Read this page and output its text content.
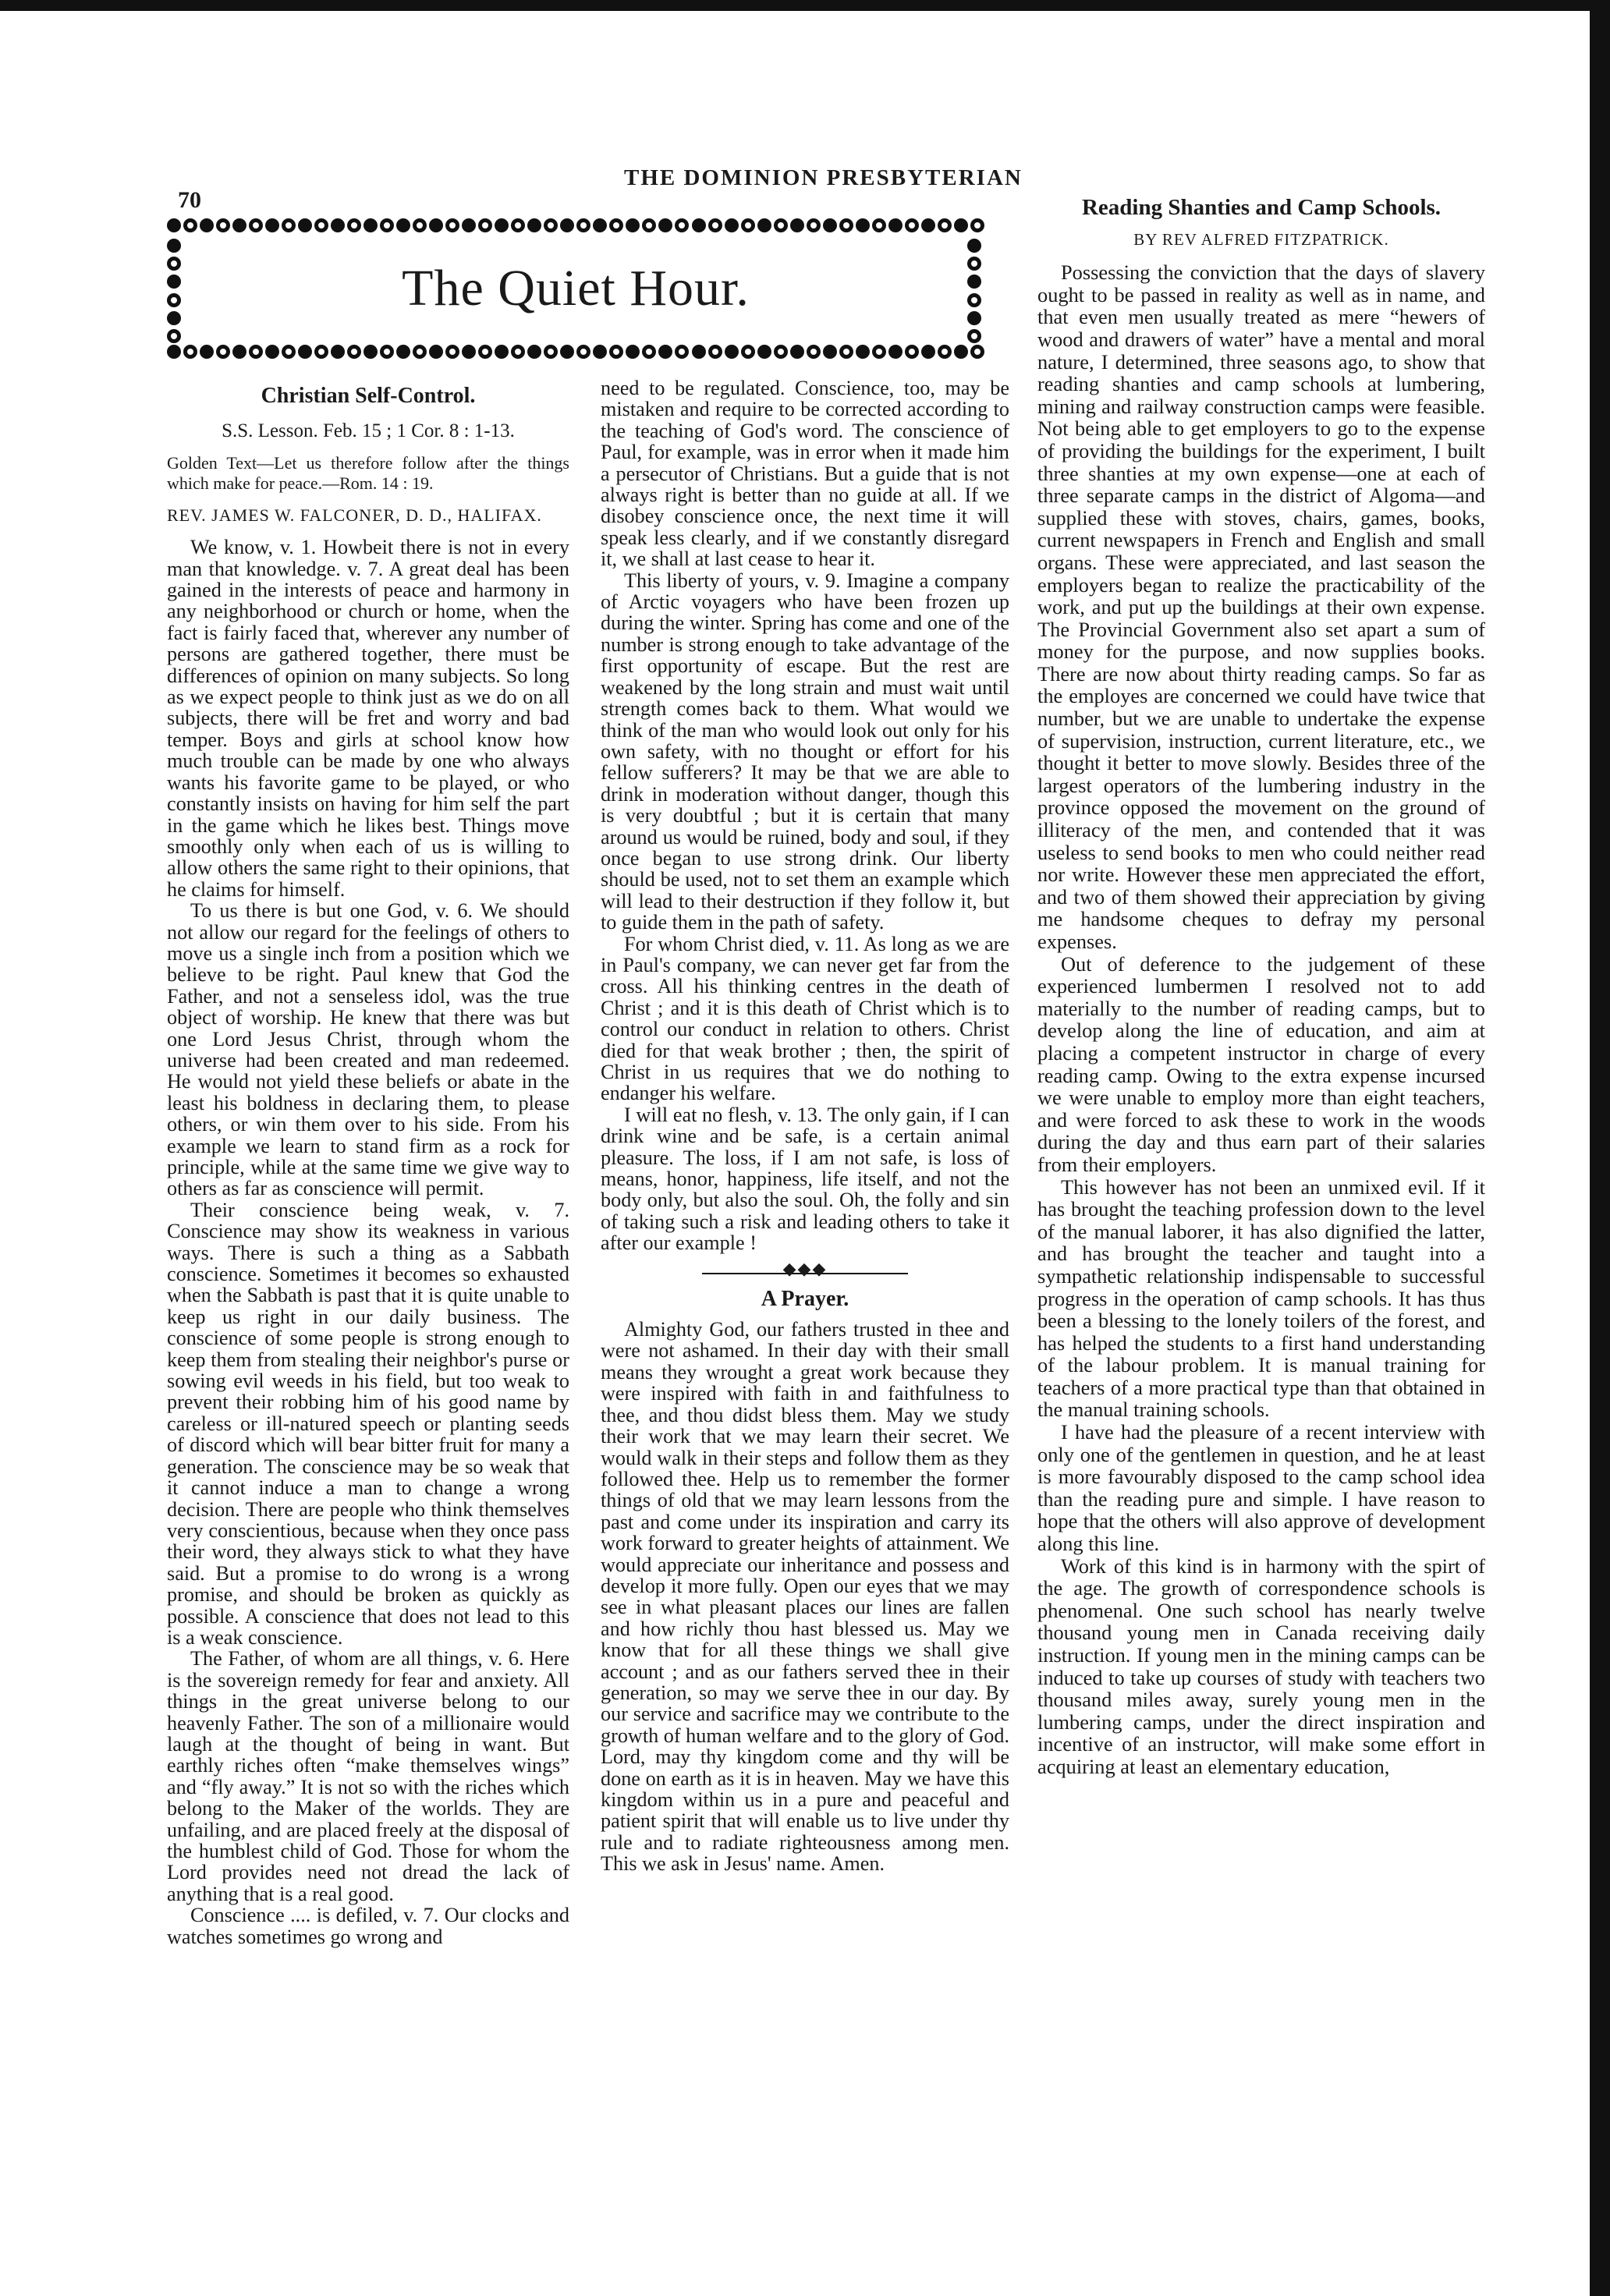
70
THE DOMINION PRESBYTERIAN
The Quiet Hour.
Christian Self-Control.
S.S. Lesson. Feb. 15 ; 1 Cor. 8 : 1-13.
Golden Text—Let us therefore follow after the things which make for peace.—Rom. 14 : 19.
REV. JAMES W. FALCONER, D. D., HALIFAX.

We know, v. 1. Howbeit there is not in every man that knowledge. v. 7. A great deal has been gained in the interests of peace and harmony in any neighborhood or church or home, when the fact is fairly faced that, wherever any number of persons are gathered together, there must be differences of opinion on many subjects. So long as we expect people to think just as we do on all subjects, there will be fret and worry and bad temper. Boys and girls at school know how much trouble can be made by one who always wants his favorite game to be played, or who constantly insists on having for him self the part in the game which he likes best. Things move smoothly only when each of us is willing to allow others the same right to their opinions, that he claims for himself.

To us there is but one God, v. 6. We should not allow our regard for the feelings of others to move us a single inch from a position which we believe to be right. Paul knew that God the Father, and not a senseless idol, was the true object of worship. He knew that there was but one Lord Jesus Christ, through whom the universe had been created and man redeemed. He would not yield these beliefs or abate in the least his boldness in declaring them, to please others, or win them over to his side. From his example we learn to stand firm as a rock for principle, while at the same time we give way to others as far as conscience will permit.

Their conscience being weak, v. 7. Conscience may show its weakness in various ways. There is such a thing as a Sabbath conscience. Sometimes it becomes so exhausted when the Sabbath is past that it is quite unable to keep us right in our daily business. The conscience of some people is strong enough to keep them from stealing their neighbor's purse or sowing evil weeds in his field, but too weak to prevent their robbing him of his good name by careless or ill-natured speech or planting seeds of discord which will bear bitter fruit for many a generation. The conscience may be so weak that it cannot induce a man to change a wrong decision. There are people who think themselves very conscientious, because when they once pass their word, they always stick to what they have said. But a promise to do wrong is a wrong promise, and should be broken as quickly as possible. A conscience that does not lead to this is a weak conscience.

The Father, of whom are all things, v. 6. Here is the sovereign remedy for fear and anxiety. All things in the great universe belong to our heavenly Father. The son of a millionaire would laugh at the thought of being in want. But earthly riches often “make themselves wings” and “fly away.” It is not so with the riches which belong to the Maker of the worlds. They are unfailing, and are placed freely at the disposal of the humblest child of God. Those for whom the Lord provides need not dread the lack of anything that is a real good.

Conscience .... is defiled, v. 7. Our clocks and watches sometimes go wrong and

need to be regulated. Conscience, too, may be mistaken and require to be corrected according to the teaching of God's word. The conscience of Paul, for example, was in error when it made him a persecutor of Christians. But a guide that is not always right is better than no guide at all. If we disobey conscience once, the next time it will speak less clearly, and if we constantly disregard it, we shall at last cease to hear it.

This liberty of yours, v. 9. Imagine a company of Arctic voyagers who have been frozen up during the winter. Spring has come and one of the number is strong enough to take advantage of the first opportunity of escape. But the rest are weakened by the long strain and must wait until strength comes back to them. What would we think of the man who would look out only for his own safety, with no thought or effort for his fellow sufferers? It may be that we are able to drink in moderation without danger, though this is very doubtful ; but it is certain that many around us would be ruined, body and soul, if they once began to use strong drink. Our liberty should be used, not to set them an example which will lead to their destruction if they follow it, but to guide them in the path of safety.

For whom Christ died, v. 11. As long as we are in Paul's company, we can never get far from the cross. All his thinking centres in the death of Christ ; and it is this death of Christ which is to control our conduct in relation to others. Christ died for that weak brother ; then, the spirit of Christ in us requires that we do nothing to endanger his welfare.

I will eat no flesh, v. 13. The only gain, if I can drink wine and be safe, is a certain animal pleasure. The loss, if I am not safe, is loss of means, honor, happiness, life itself, and not the body only, but also the soul. Oh, the folly and sin of taking such a risk and leading others to take it after our example !

◆◆◆
A Prayer.

Almighty God, our fathers trusted in thee and were not ashamed. In their day with their small means they wrought a great work because they were inspired with faith in and faithfulness to thee, and thou didst bless them. May we study their work that we may learn their secret. We would walk in their steps and follow them as they followed thee. Help us to remember the former things of old that we may learn lessons from the past and come under its inspiration and carry its work forward to greater heights of attainment. We would appreciate our inheritance and possess and develop it more fully. Open our eyes that we may see in what pleasant places our lines are fallen and how richly thou hast blessed us. May we know that for all these things we shall give account ; and as our fathers served thee in their generation, so may we serve thee in our day. By our service and sacrifice may we contribute to the growth of human welfare and to the glory of God. Lord, may thy kingdom come and thy will be done on earth as it is in heaven. May we have this kingdom within us in a pure and peaceful and patient spirit that will enable us to live under thy rule and to radiate righteousness among men. This we ask in Jesus' name. Amen.

Reading Shanties and Camp Schools.
BY REV ALFRED FITZPATRICK.

Possessing the conviction that the days of slavery ought to be passed in reality as well as in name, and that even men usually treated as mere “hewers of wood and drawers of water” have a mental and moral nature, I determined, three seasons ago, to show that reading shanties and camp schools at lumbering, mining and railway construction camps were feasible. Not being able to get employers to go to the expense of providing the buildings for the experiment, I built three shanties at my own expense—one at each of three separate camps in the district of Algoma—and supplied these with stoves, chairs, games, books, current newspapers in French and English and small organs. These were appreciated, and last season the employers began to realize the practicability of the work, and put up the buildings at their own expense. The Provincial Government also set apart a sum of money for the purpose, and now supplies books. There are now about thirty reading camps. So far as the employes are concerned we could have twice that number, but we are unable to undertake the expense of supervision, instruction, current literature, etc., we thought it better to move slowly. Besides three of the largest operators of the lumbering industry in the province opposed the movement on the ground of illiteracy of the men, and contended that it was useless to send books to men who could neither read nor write. However these men appreciated the effort, and two of them showed their appreciation by giving me handsome cheques to defray my personal expenses.

Out of deference to the judgement of these experienced lumbermen I resolved not to add materially to the number of reading camps, but to develop along the line of education, and aim at placing a competent instructor in charge of every reading camp. Owing to the extra expense incursed we were unable to employ more than eight teachers, and were forced to ask these to work in the woods during the day and thus earn part of their salaries from their employers.

This however has not been an unmixed evil. If it has brought the teaching profession down to the level of the manual laborer, it has also dignified the latter, and has brought the teacher and taught into a sympathetic relationship indispensable to successful progress in the operation of camp schools. It has thus been a blessing to the lonely toilers of the forest, and has helped the students to a first hand understanding of the labour problem. It is manual training for teachers of a more practical type than that obtained in the manual training schools.

I have had the pleasure of a recent interview with only one of the gentlemen in question, and he at least is more favourably disposed to the camp school idea than the reading pure and simple. I have reason to hope that the others will also approve of development along this line.

Work of this kind is in harmony with the spirt of the age. The growth of correspondence schools is phenomenal. One such school has nearly twelve thousand young men in Canada receiving daily instruction. If young men in the mining camps can be induced to take up courses of study with teachers two thousand miles away, surely young men in the lumbering camps, under the direct inspiration and incentive of an instructor, will make some effort in acquiring at least an elementary education,
